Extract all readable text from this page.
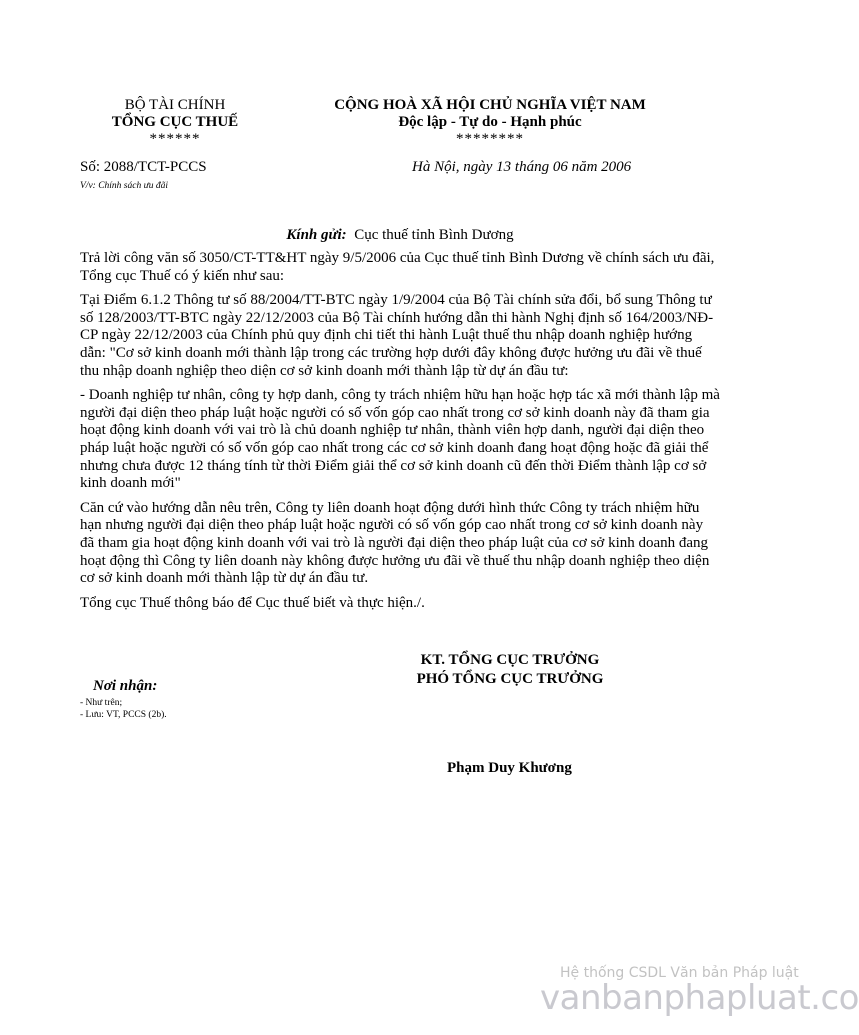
BỘ TÀI CHÍNH
TỔNG CỤC THUẾ
******
CỘNG HOÀ XÃ HỘI CHỦ NGHĨA VIỆT NAM
Độc lập - Tự do - Hạnh phúc
********
Số: 2088/TCT-PCCS	Hà Nội, ngày 13 tháng 06 năm 2006
V/v: Chính sách ưu đãi
Kính gửi: Cục thuế tỉnh Bình Dương

Trả lời công văn số 3050/CT-TT&HT ngày 9/5/2006 của Cục thuế tỉnh Bình Dương về chính sách ưu đãi, Tổng cục Thuế có ý kiến như sau:

Tại Điểm 6.1.2 Thông tư số 88/2004/TT-BTC ngày 1/9/2004 của Bộ Tài chính sửa đổi, bổ sung Thông tư số 128/2003/TT-BTC ngày 22/12/2003 của Bộ Tài chính hướng dẫn thi hành Nghị định số 164/2003/NĐ-CP ngày 22/12/2003 của Chính phủ quy định chi tiết thi hành Luật thuế thu nhập doanh nghiệp hướng dẫn: "Cơ sở kinh doanh mới thành lập trong các trường hợp dưới đây không được hưởng ưu đãi về thuế thu nhập doanh nghiệp theo diện cơ sở kinh doanh mới thành lập từ dự án đầu tư:

- Doanh nghiệp tư nhân, công ty hợp danh, công ty trách nhiệm hữu hạn hoặc hợp tác xã mới thành lập mà người đại diện theo pháp luật hoặc người có số vốn góp cao nhất trong cơ sở kinh doanh này đã tham gia hoạt động kinh doanh với vai trò là chủ doanh nghiệp tư nhân, thành viên hợp danh, người đại diện theo pháp luật hoặc người có số vốn góp cao nhất trong các cơ sở kinh doanh đang hoạt động hoặc đã giải thể nhưng chưa được 12 tháng tính từ thời Điểm giải thể cơ sở kinh doanh cũ đến thời Điểm thành lập cơ sở kinh doanh mới"

Căn cứ vào hướng dẫn nêu trên, Công ty liên doanh hoạt động dưới hình thức Công ty trách nhiệm hữu hạn nhưng người đại diện theo pháp luật hoặc người có số vốn góp cao nhất trong cơ sở kinh doanh này đã tham gia hoạt động kinh doanh với vai trò là người đại diện theo pháp luật của cơ sở kinh doanh đang hoạt động thì Công ty liên doanh này không được hưởng ưu đãi về thuế thu nhập doanh nghiệp theo diện cơ sở kinh doanh mới thành lập từ dự án đầu tư.

Tổng cục Thuế thông báo để Cục thuế biết và thực hiện./.

KT. TỔNG CỤC TRƯỞNG
PHÓ TỔNG CỤC TRƯỞNG
Nơi nhận:
- Như trên;
- Lưu: VT, PCCS (2b).
Phạm Duy Khương
Hệ thống CSDL Văn bản Pháp luật
vanbanphapluat.co
